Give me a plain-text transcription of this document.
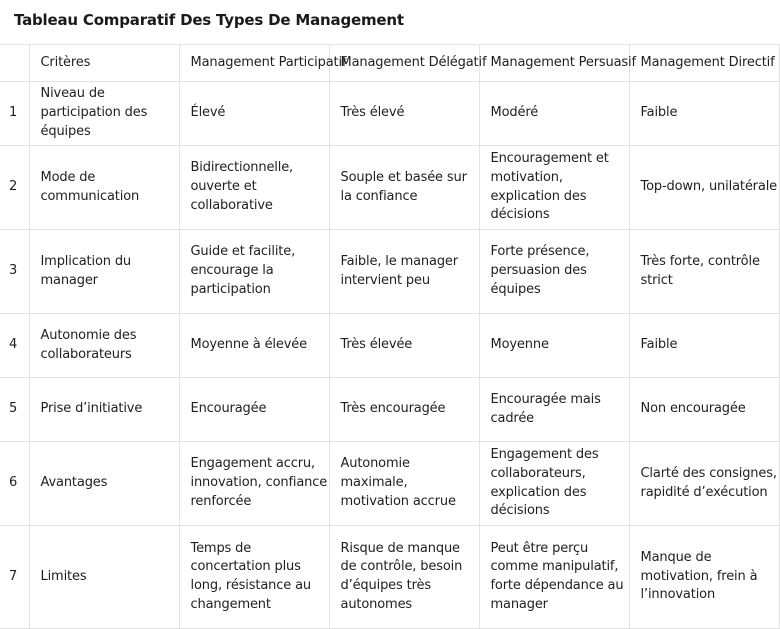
Tableau Comparatif Des Types De Management

	Critères	Management Participatif	Management Délégatif	Management Persuasif	Management Directif

1	Niveau de participation des équipes	Élevé	Très élevé	Modéré	Faible
2	Mode de communication	Bidirectionnelle, ouverte et collaborative	Souple et basée sur la confiance	Encouragement et motivation, explication des décisions	Top-down, unilatérale
3	Implication du manager	Guide et facilite, encourage la participation	Faible, le manager intervient peu	Forte présence, persuasion des équipes	Très forte, contrôle strict
4	Autonomie des collaborateurs	Moyenne à élevée	Très élevée	Moyenne	Faible
5	Prise d’initiative	Encouragée	Très encouragée	Encouragée mais cadrée	Non encouragée
6	Avantages	Engagement accru, innovation, confiance renforcée	Autonomie maximale, motivation accrue	Engagement des collaborateurs, explication des décisions	Clarté des consignes, rapidité d’exécution
7	Limites	Temps de concertation plus long, résistance au changement	Risque de manque de contrôle, besoin d’équipes très autonomes	Peut être perçu comme manipulatif, forte dépendance au manager	Manque de motivation, frein à l’innovation
